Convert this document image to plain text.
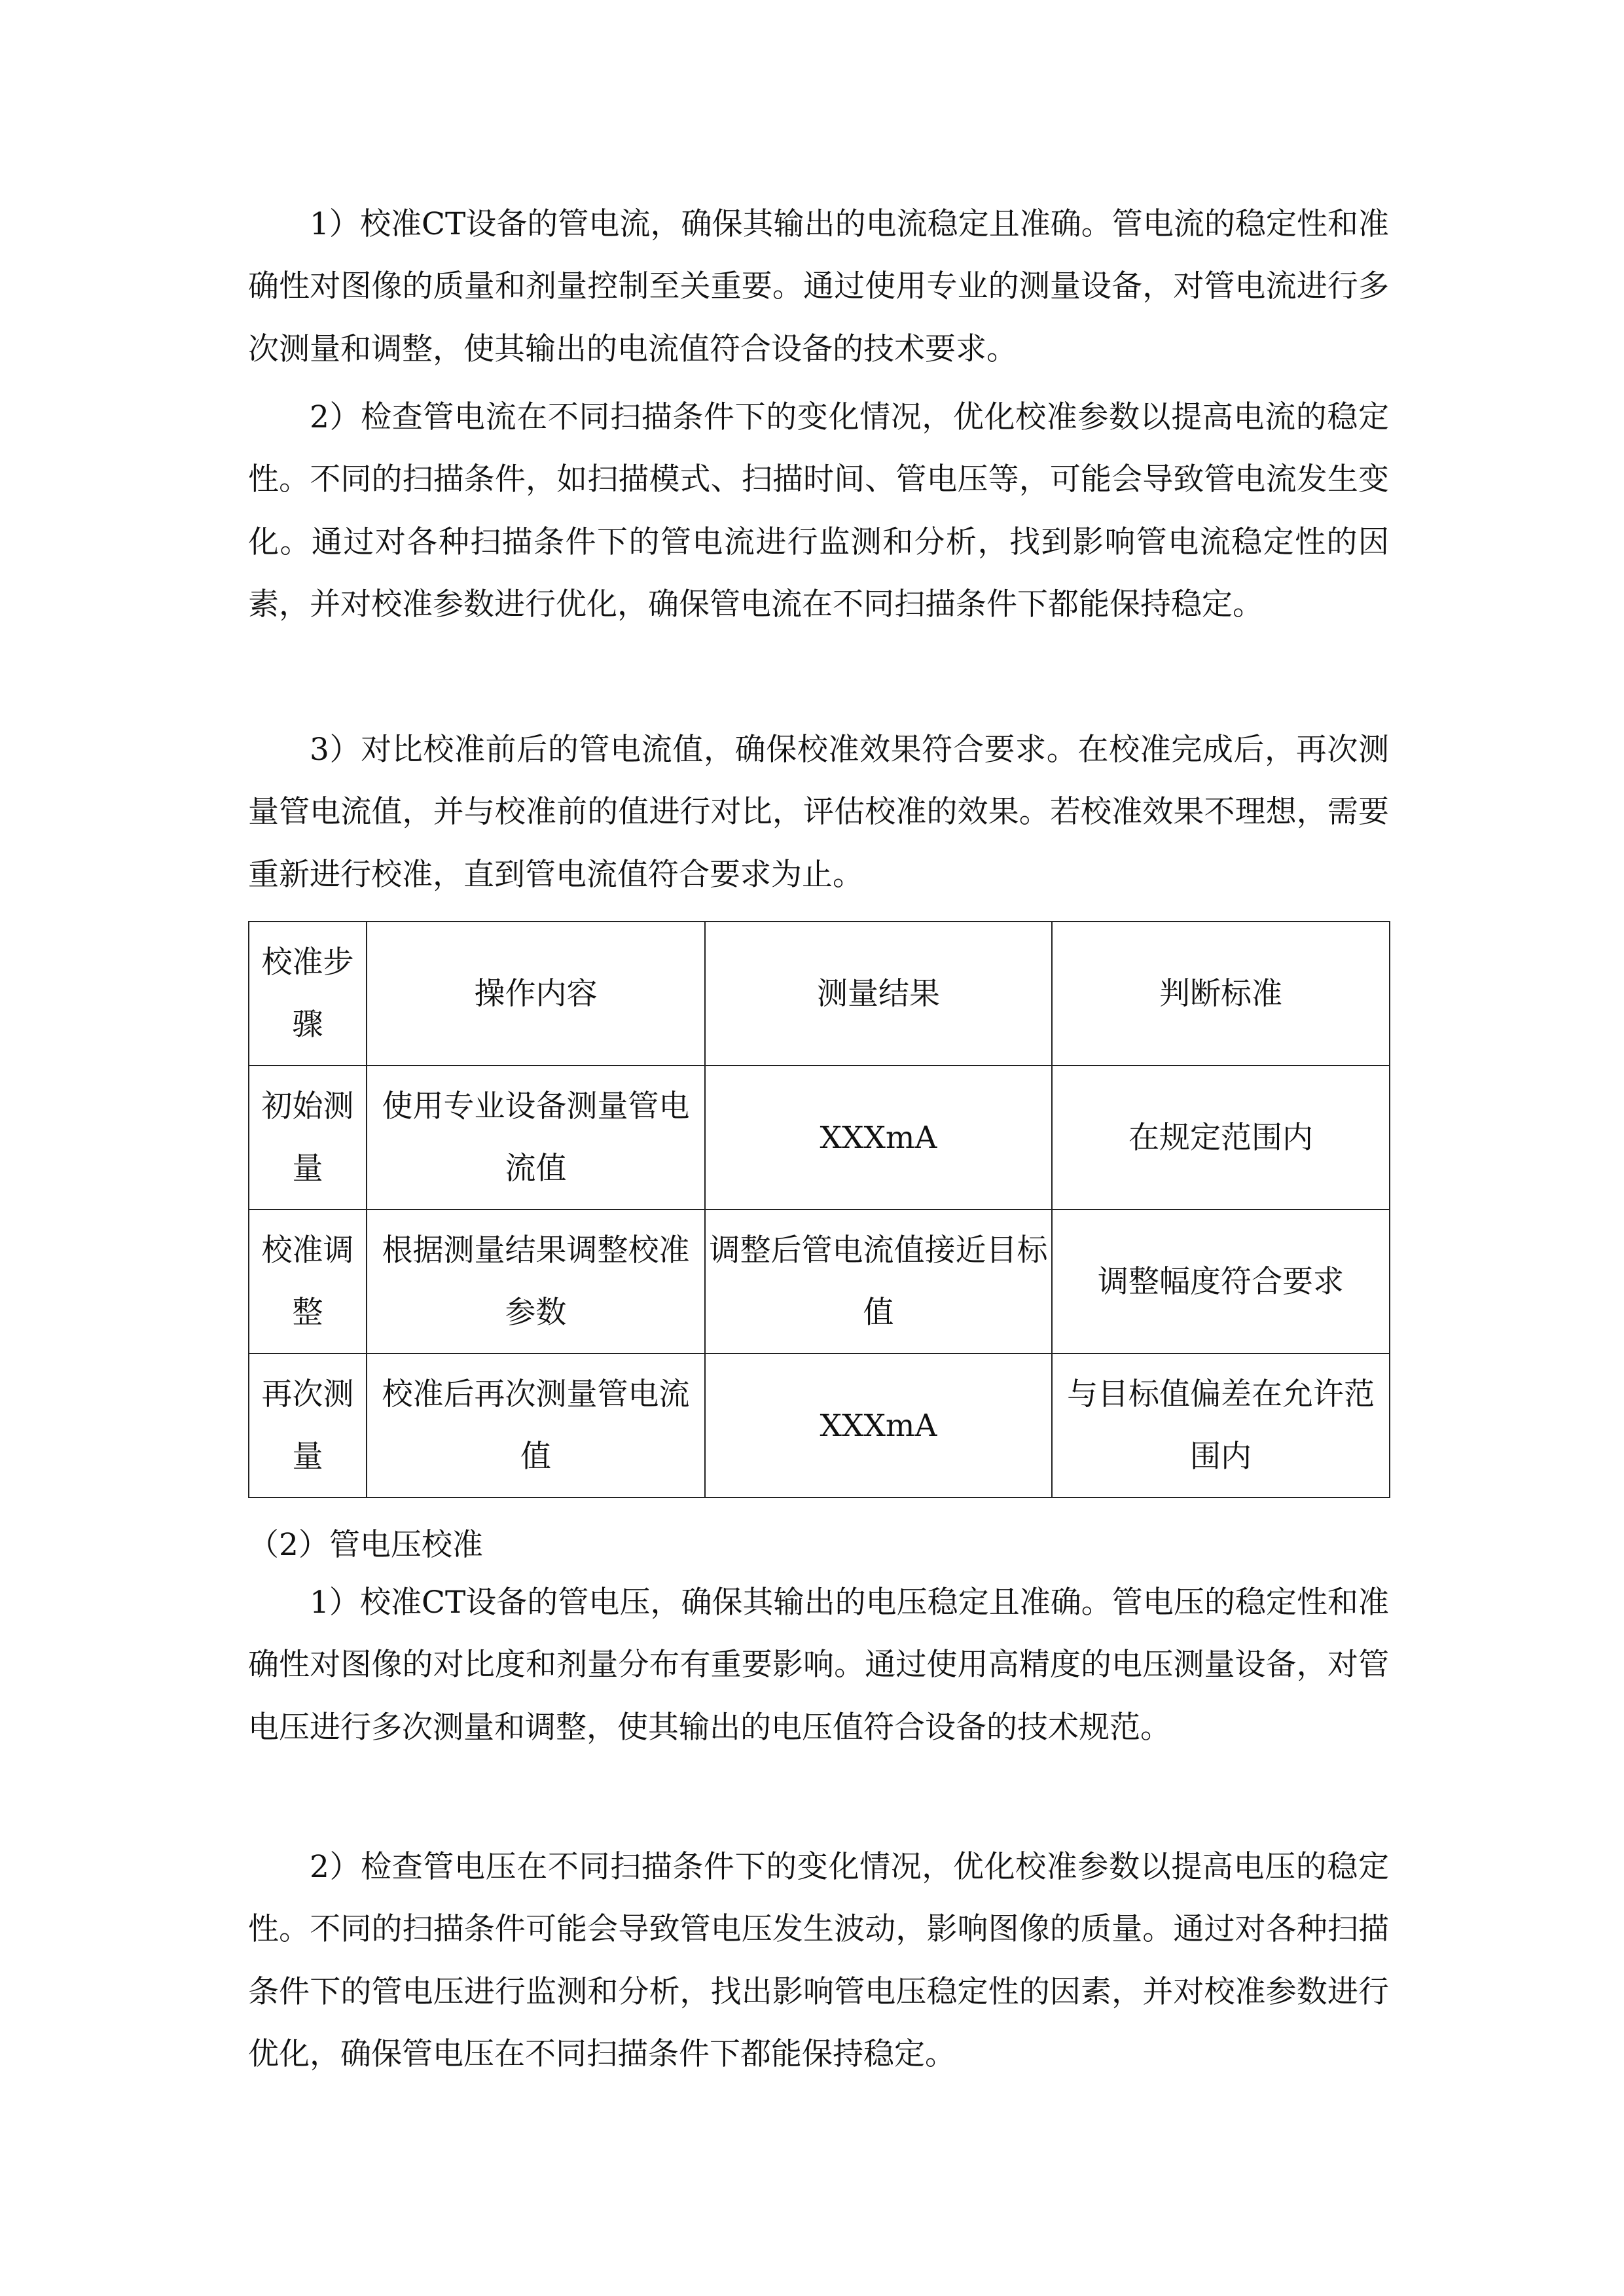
1）校准CT设备的管电流，确保其输出的电流稳定且准确。管电流的稳定性和准确性对图像的质量和剂量控制至关重要。通过使用专业的测量设备，对管电流进行多次测量和调整，使其输出的电流值符合设备的技术要求。

2）检查管电流在不同扫描条件下的变化情况，优化校准参数以提高电流的稳定性。不同的扫描条件，如扫描模式、扫描时间、管电压等，可能会导致管电流发生变化。通过对各种扫描条件下的管电流进行监测和分析，找到影响管电流稳定性的因素，并对校准参数进行优化，确保管电流在不同扫描条件下都能保持稳定。

3）对比校准前后的管电流值，确保校准效果符合要求。在校准完成后，再次测量管电流值，并与校准前的值进行对比，评估校准的效果。若校准效果不理想，需要重新进行校准，直到管电流值符合要求为止。

校准步骤	操作内容	测量结果	判断标准
初始测量	使用专业设备测量管电流值	XXXmA	在规定范围内
校准调整	根据测量结果调整校准参数	调整后管电流值接近目标值	调整幅度符合要求
再次测量	校准后再次测量管电流值	XXXmA	与目标值偏差在允许范围内

（2）管电压校准

1）校准CT设备的管电压，确保其输出的电压稳定且准确。管电压的稳定性和准确性对图像的对比度和剂量分布有重要影响。通过使用高精度的电压测量设备，对管电压进行多次测量和调整，使其输出的电压值符合设备的技术规范。

2）检查管电压在不同扫描条件下的变化情况，优化校准参数以提高电压的稳定性。不同的扫描条件可能会导致管电压发生波动，影响图像的质量。通过对各种扫描条件下的管电压进行监测和分析，找出影响管电压稳定性的因素，并对校准参数进行优化，确保管电压在不同扫描条件下都能保持稳定。
